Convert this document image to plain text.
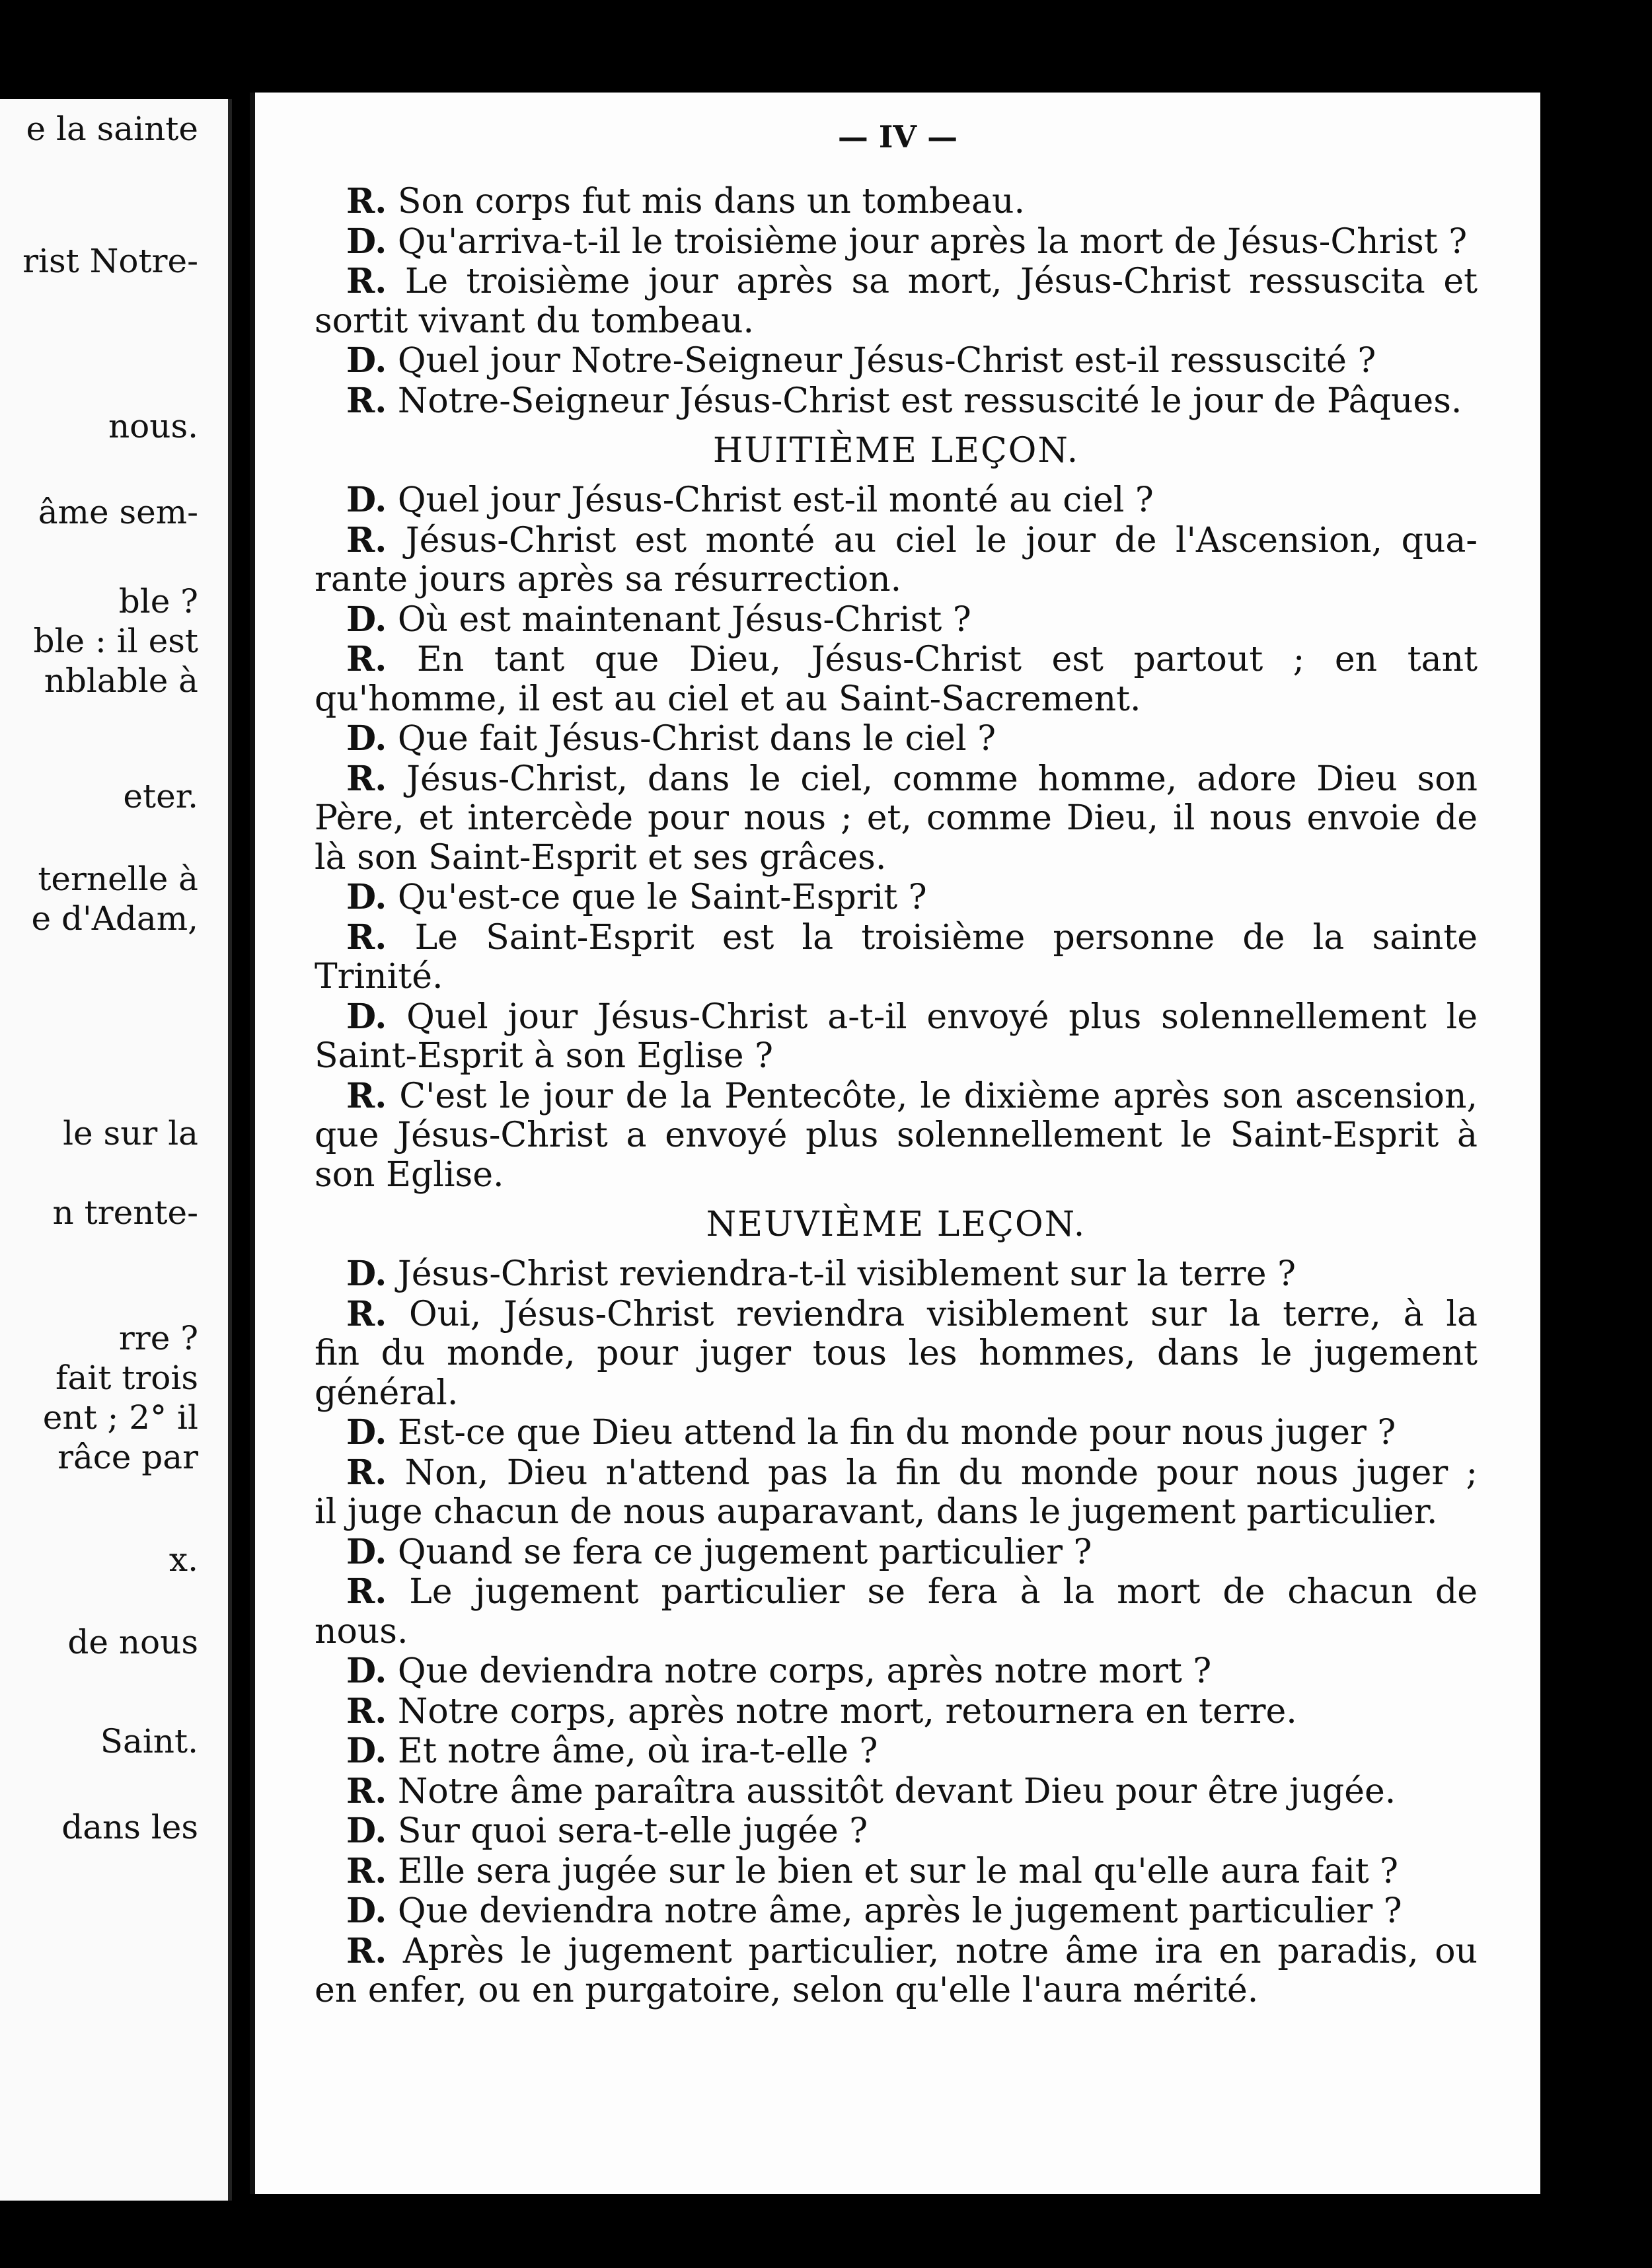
e la sainte
rist Notre-
nous.
âme sem-
ble ?
ble : il est
nblable à
eter.
ternelle à
e d'Adam,
le sur la
n trente-
rre ?
fait trois
ent ; 2° il
râce par
x.
de nous
Saint.
dans les
— IV —
R. Son corps fut mis dans un tombeau.
D. Qu'arriva-t-il le troisième jour après la mort de Jésus-Christ ?
R. Le troisième jour après sa mort, Jésus-Christ ressuscita et
sortit vivant du tombeau.
D. Quel jour Notre-Seigneur Jésus-Christ est-il ressuscité ?
R. Notre-Seigneur Jésus-Christ est ressuscité le jour de Pâques.
HUITIÈME LEÇON.
D. Quel jour Jésus-Christ est-il monté au ciel ?
R. Jésus-Christ est monté au ciel le jour de l'Ascension, qua-
rante jours après sa résurrection.
D. Où est maintenant Jésus-Christ ?
R. En tant que Dieu, Jésus-Christ est partout ; en tant
qu'homme, il est au ciel et au Saint-Sacrement.
D. Que fait Jésus-Christ dans le ciel ?
R. Jésus-Christ, dans le ciel, comme homme, adore Dieu son
Père, et intercède pour nous ; et, comme Dieu, il nous envoie de
là son Saint-Esprit et ses grâces.
D. Qu'est-ce que le Saint-Esprit ?
R. Le Saint-Esprit est la troisième personne de la sainte
Trinité.
D. Quel jour Jésus-Christ a-t-il envoyé plus solennellement le
Saint-Esprit à son Eglise ?
R. C'est le jour de la Pentecôte, le dixième après son ascension,
que Jésus-Christ a envoyé plus solennellement le Saint-Esprit à
son Eglise.
NEUVIÈME LEÇON.
D. Jésus-Christ reviendra-t-il visiblement sur la terre ?
R. Oui, Jésus-Christ reviendra visiblement sur la terre, à la
fin du monde, pour juger tous les hommes, dans le jugement
général.
D. Est-ce que Dieu attend la fin du monde pour nous juger ?
R. Non, Dieu n'attend pas la fin du monde pour nous juger ;
il juge chacun de nous auparavant, dans le jugement particulier.
D. Quand se fera ce jugement particulier ?
R. Le jugement particulier se fera à la mort de chacun de
nous.
D. Que deviendra notre corps, après notre mort ?
R. Notre corps, après notre mort, retournera en terre.
D. Et notre âme, où ira-t-elle ?
R. Notre âme paraîtra aussitôt devant Dieu pour être jugée.
D. Sur quoi sera-t-elle jugée ?
R. Elle sera jugée sur le bien et sur le mal qu'elle aura fait ?
D. Que deviendra notre âme, après le jugement particulier ?
R. Après le jugement particulier, notre âme ira en paradis, ou
en enfer, ou en purgatoire, selon qu'elle l'aura mérité.
